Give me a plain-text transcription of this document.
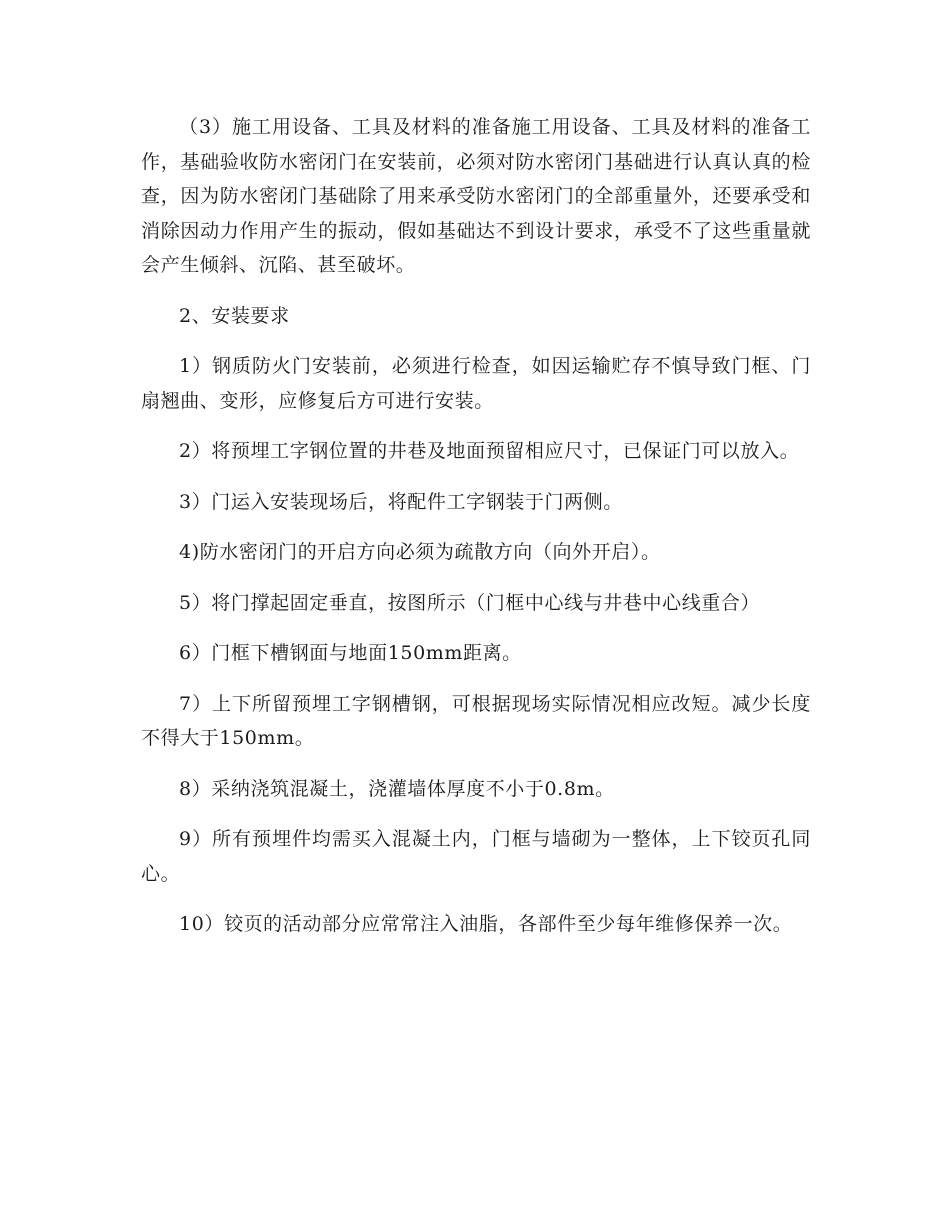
（3）施工用设备、工具及材料的准备施工用设备、工具及材料的准备工作，基础验收防水密闭门在安装前，必须对防水密闭门基础进行认真认真的检查，因为防水密闭门基础除了用来承受防水密闭门的全部重量外，还要承受和消除因动力作用产生的振动，假如基础达不到设计要求，承受不了这些重量就会产生倾斜、沉陷、甚至破坏。

2、安装要求

1）钢质防火门安装前，必须进行检查，如因运输贮存不慎导致门框、门扇翘曲、变形，应修复后方可进行安装。

2）将预埋工字钢位置的井巷及地面预留相应尺寸，已保证门可以放入。

3）门运入安装现场后，将配件工字钢装于门两侧。

4)防水密闭门的开启方向必须为疏散方向（向外开启）。

5）将门撑起固定垂直，按图所示（门框中心线与井巷中心线重合）

6）门框下槽钢面与地面150mm距离。

7）上下所留预埋工字钢槽钢，可根据现场实际情况相应改短。减少长度不得大于150mm。

8）采纳浇筑混凝土，浇灌墙体厚度不小于0.8m。

9）所有预埋件均需买入混凝土内，门框与墙砌为一整体，上下铰页孔同心。

10）铰页的活动部分应常常注入油脂，各部件至少每年维修保养一次。
